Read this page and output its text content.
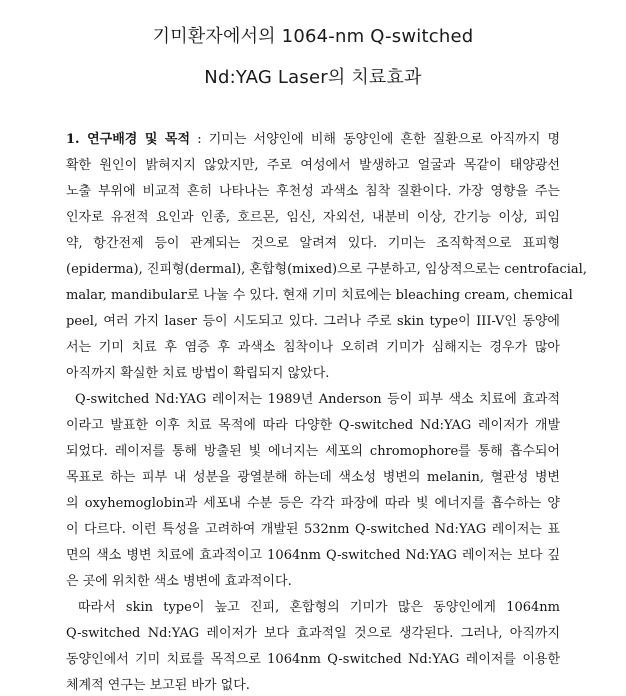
기미환자에서의 1064-nm Q-switched
Nd:YAG Laser의 치료효과
1. 연구배경 및 목적 : 기미는 서양인에 비해 동양인에 흔한 질환으로 아직까지 명
확한 원인이 밝혀지지 않았지만, 주로 여성에서 발생하고 얼굴과 목같이 태양광선
노출 부위에 비교적 흔히 나타나는 후천성 과색소 침착 질환이다. 가장 영향을 주는
인자로 유전적 요인과 인종, 호르몬, 임신, 자외선, 내분비 이상, 간기능 이상, 피임
약, 항간전제 등이 관계되는 것으로 알려져 있다. 기미는 조직학적으로 표피형
(epiderma), 진피형(dermal), 혼합형(mixed)으로 구분하고, 임상적으로는 centrofacial,
malar, mandibular로 나눌 수 있다. 현재 기미 치료에는 bleaching cream, chemical
peel, 여러 가지 laser 등이 시도되고 있다. 그러나 주로 skin type이 III-V인 동양에
서는 기미 치료 후 염증 후 과색소 침착이나 오히려 기미가 심해지는 경우가 많아
아직까지 확실한 치료 방법이 확립되지 않았다.
Q-switched Nd:YAG 레이저는 1989년 Anderson 등이 피부 색소 치료에 효과적
이라고 발표한 이후 치료 목적에 따라 다양한 Q-switched Nd:YAG 레이저가 개발
되었다. 레이저를 통해 방출된 빛 에너지는 세포의 chromophore를 통해 흡수되어
목표로 하는 피부 내 성분을 광열분해 하는데 색소성 병변의 melanin, 혈관성 병변
의 oxyhemoglobin과 세포내 수분 등은 각각 파장에 따라 빛 에너지를 흡수하는 양
이 다르다. 이런 특성을 고려하여 개발된 532nm Q-switched Nd:YAG 레이저는 표
면의 색소 병변 치료에 효과적이고 1064nm Q-switched Nd:YAG 레이저는 보다 깊
은 곳에 위치한 색소 병변에 효과적이다.
따라서 skin type이 높고 진피, 혼합형의 기미가 많은 동양인에게 1064nm
Q-switched Nd:YAG 레이저가 보다 효과적일 것으로 생각된다. 그러나, 아직까지
동양인에서 기미 치료를 목적으로 1064nm Q-switched Nd:YAG 레이저를 이용한
체계적 연구는 보고된 바가 없다.
